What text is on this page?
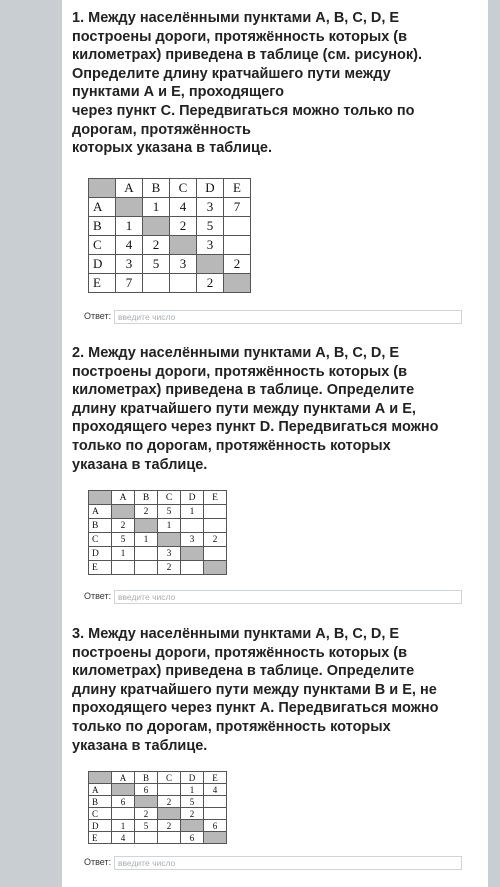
1. Между населёнными пунктами А, В, С, D, Е
построены дороги, протяжённость которых (в
километрах) приведена в таблице (см. рисунок).
Определите длину кратчайшего пути между
пунктами А и Е, проходящего
через пункт С. Передвигаться можно только по
дорогам, протяжённость
которых указана в таблице.

	A	B	C	D	E
A		1	4	3	7
B	1		2	5	
C	4	2		3	
D	3	5	3		2
E	7			2	
Ответ: введите число

2. Между населёнными пунктами А, В, С, D, Е
построены дороги, протяжённость которых (в
километрах) приведена в таблице. Определите
длину кратчайшего пути между пунктами А и Е,
проходящего через пункт D. Передвигаться можно
только по дорогам, протяжённость которых
указана в таблице.

	A	B	C	D	E
A		2	5	1	
B	2		1		
C	5	1		3	2
D	1		3		
E			2		
Ответ: введите число

3. Между населёнными пунктами А, В, С, D, Е
построены дороги, протяжённость которых (в
километрах) приведена в таблице. Определите
длину кратчайшего пути между пунктами В и Е, не
проходящего через пункт А. Передвигаться можно
только по дорогам, протяжённость которых
указана в таблице.

	A	B	C	D	E
A		6		1	4
B	6		2	5	
C		2		2	
D	1	5	2		6
E	4			6	
Ответ: введите число
